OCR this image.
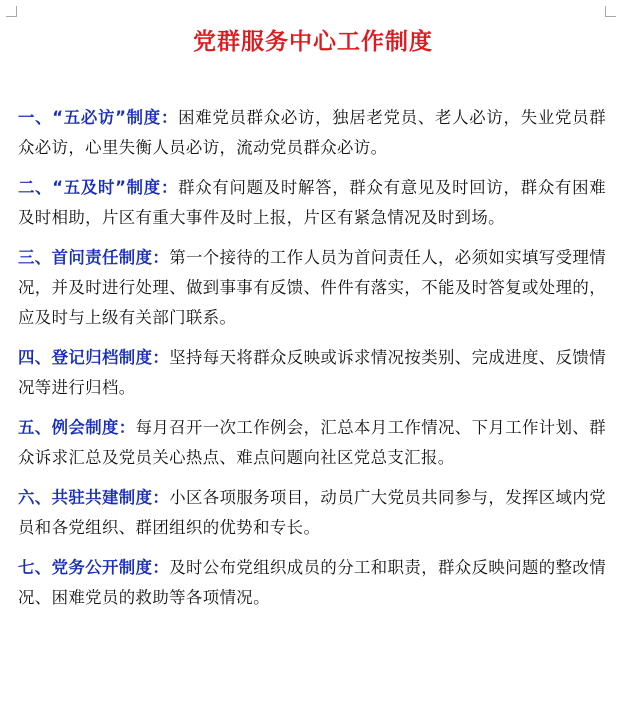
党群服务中心工作制度

一、“五必访”制度：困难党员群众必访，独居老党员、老人必访，失业党员群众必访，心里失衡人员必访，流动党员群众必访。

二、“五及时”制度：群众有问题及时解答，群众有意见及时回访，群众有困难及时相助，片区有重大事件及时上报，片区有紧急情况及时到场。

三、首问责任制度：第一个接待的工作人员为首问责任人，必须如实填写受理情况，并及时进行处理、做到事事有反馈、件件有落实，不能及时答复或处理的，应及时与上级有关部门联系。

四、登记归档制度：坚持每天将群众反映或诉求情况按类别、完成进度、反馈情况等进行归档。

五、例会制度：每月召开一次工作例会，汇总本月工作情况、下月工作计划、群众诉求汇总及党员关心热点、难点问题向社区党总支汇报。

六、共驻共建制度：小区各项服务项目，动员广大党员共同参与，发挥区域内党员和各党组织、群团组织的优势和专长。

七、党务公开制度：及时公布党组织成员的分工和职责，群众反映问题的整改情况、困难党员的救助等各项情况。
